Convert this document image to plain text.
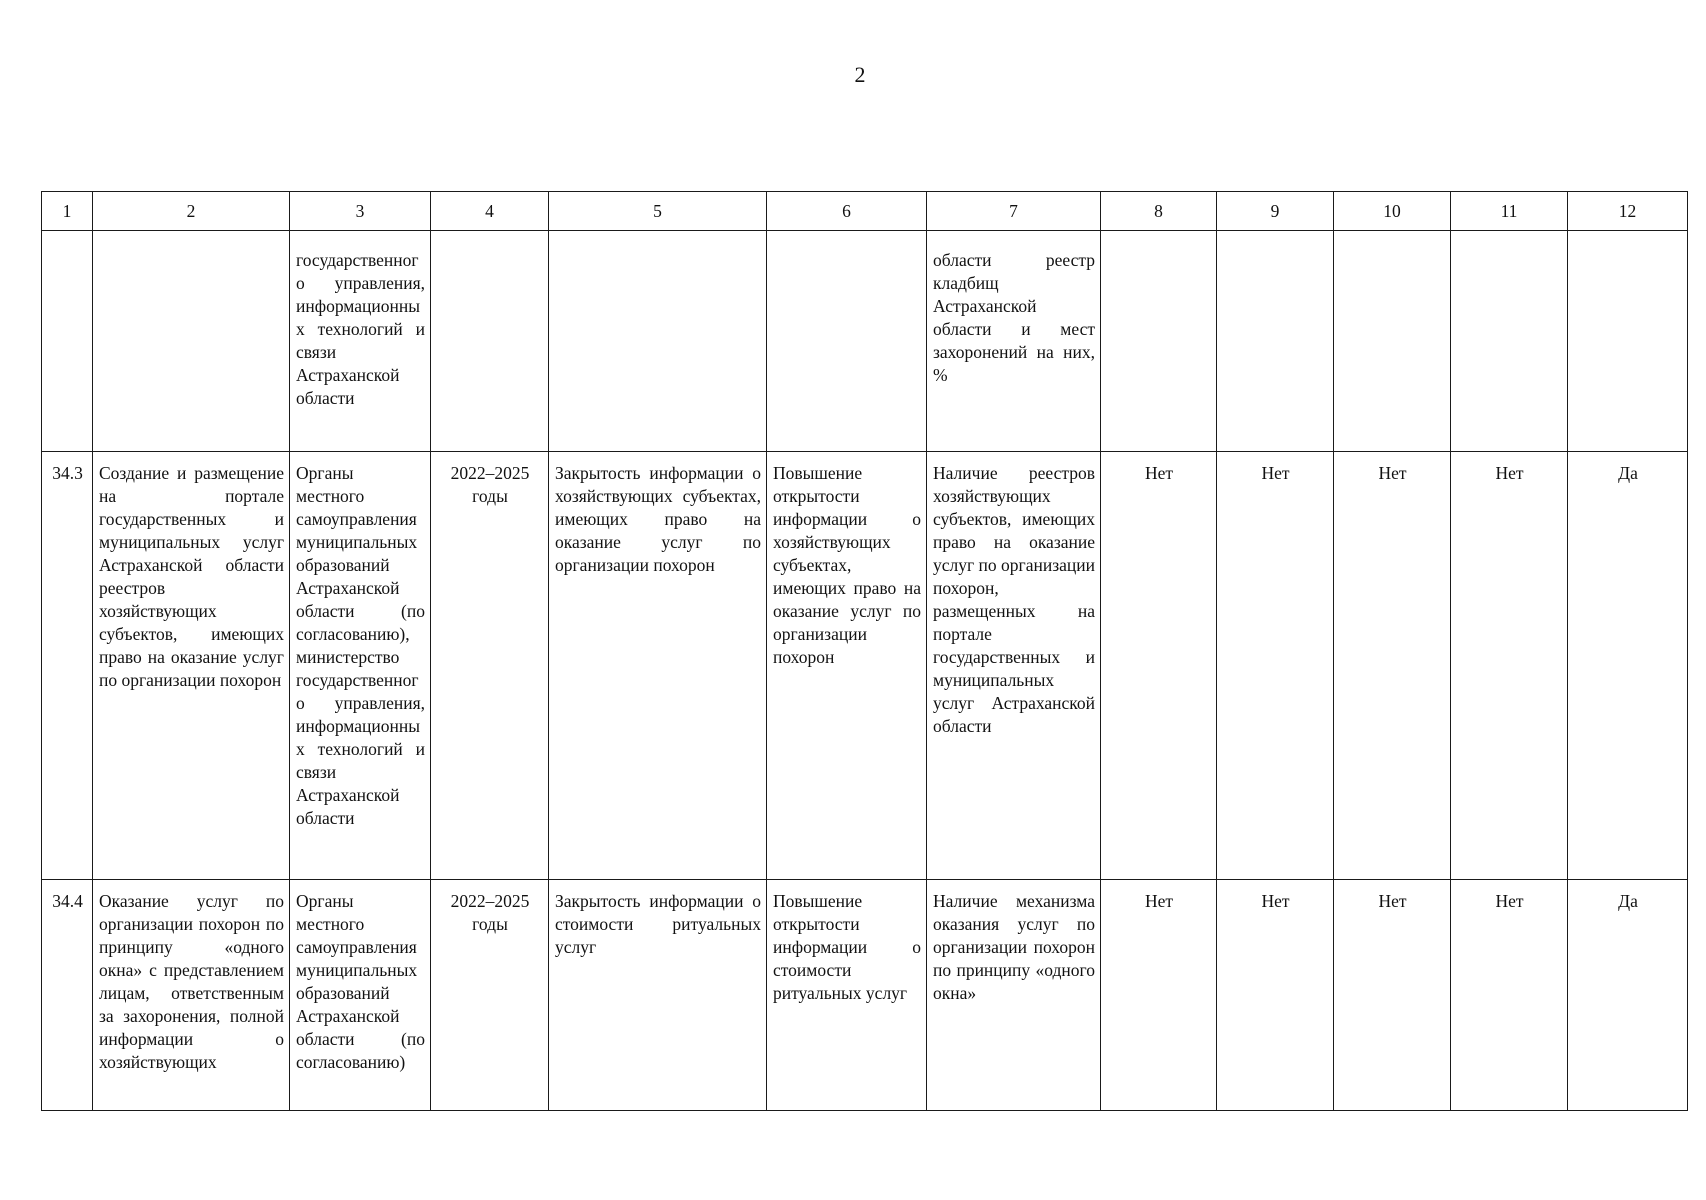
2
1	2	3	4	5	6	7	8	9	10	11	12
		государственного управления, информационных технологий и связи Астраханской области				области реестр кладбищ Астраханской области и мест захоронений на них, %					
34.3	Создание и размещение на портале государственных и муниципальных услуг Астраханской области реестров хозяйствующих субъектов, имеющих право на оказание услуг по организации похорон	Органы местного самоуправления муниципальных образований Астраханской области (по согласованию), министерство государственного управления, информационных технологий и связи Астраханской области	2022–2025 годы	Закрытость информации о хозяйствующих субъектах, имеющих право на оказание услуг по организации похорон	Повышение открытости информации о хозяйствующих субъектах, имеющих право на оказание услуг по организации похорон	Наличие реестров хозяйствующих субъектов, имеющих право на оказание услуг по организации похорон, размещенных на портале государственных и муниципальных услуг Астраханской области	Нет	Нет	Нет	Нет	Да
34.4	Оказание услуг по организации похорон по принципу «одного окна» с представлением лицам, ответственным за захоронения, полной информации о хозяйствующих	Органы местного самоуправления муниципальных образований Астраханской области (по согласованию)	2022–2025 годы	Закрытость информации о стоимости ритуальных услуг	Повышение открытости информации о стоимости ритуальных услуг	Наличие механизма оказания услуг по организации похорон по принципу «одного окна»	Нет	Нет	Нет	Нет	Да
